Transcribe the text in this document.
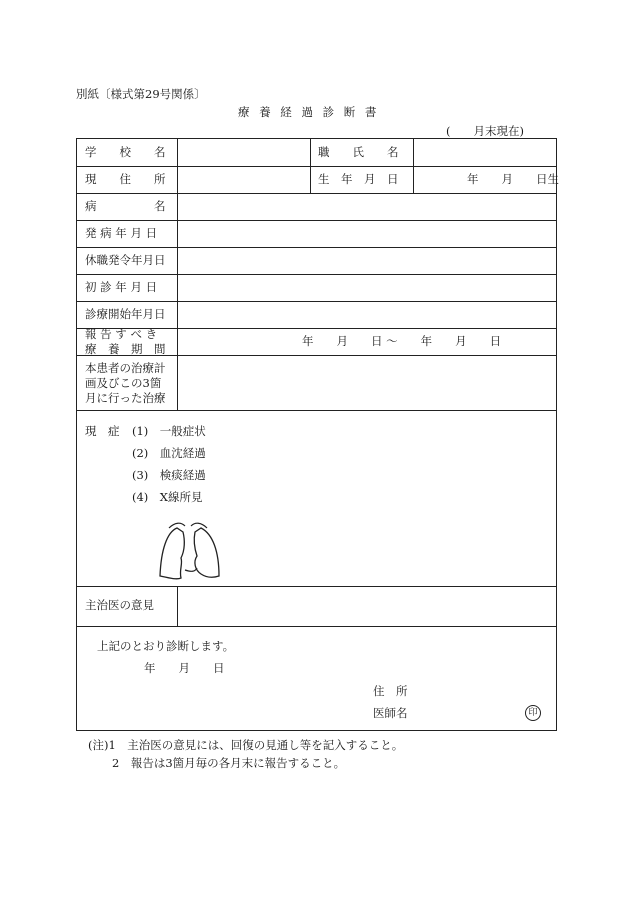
別紙〔様式第29号関係〕
療 養 経 過 診 断 書
(　　月末現在)
学　　校　　名	職　　氏　　名
現　　住　　所	生　年　月　日	年　　月　　日生
病　　　　　名
発 病 年 月 日
休職発令年月日
初 診 年 月 日
診療開始年月日
報 告 す べ き
療　養　期　間
年　　月　　日 〜　　年　　月　　日
本患者の治療計
画及びこの3箇
月に行った治療
現　症 (1)　一般症状
(2)　血沈経過
(3)　検痰経過
(4)　X線所見
主治医の意見
上記のとおり診断します。
年　　月　　日
住　所
医師名	印
(注)1　主治医の意見には、回復の見通し等を記入すること。
2　報告は3箇月毎の各月末に報告すること。
